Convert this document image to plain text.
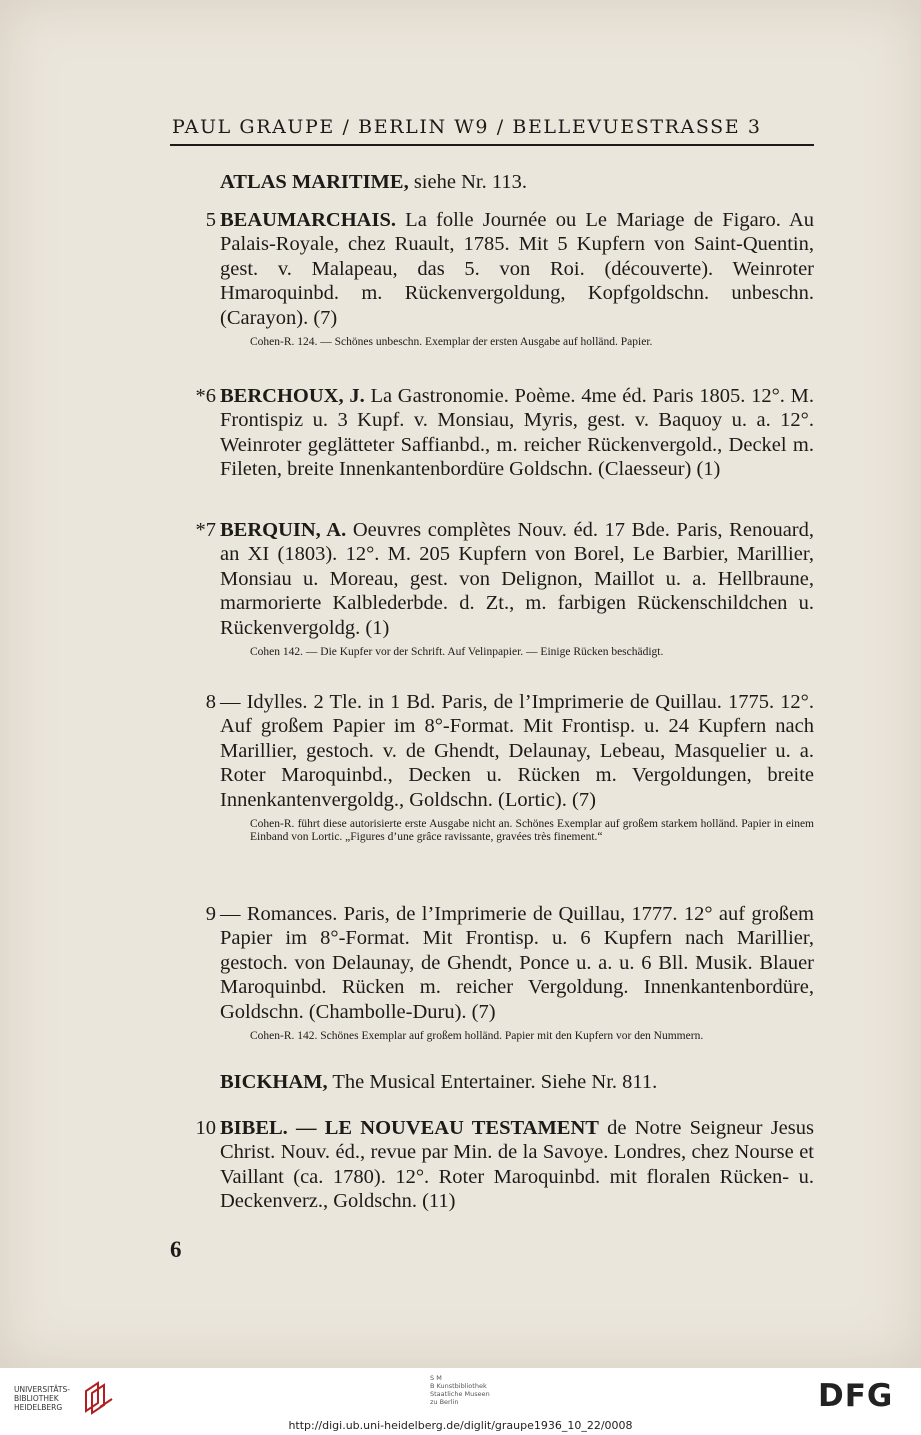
PAUL GRAUPE / BERLIN W9 / BELLEVUESTRASSE 3
ATLAS MARITIME, siehe Nr. 113.
5 BEAUMARCHAIS. La folle Journée ou Le Mariage de Figaro. Au Palais-Royale, chez Ruault, 1785. Mit 5 Kupfern von Saint-Quentin, gest. v. Malapeau, das 5. von Roi. (découverte). Weinroter Hmaroquinbd. m. Rückenvergoldung, Kopfgoldschn. unbeschn. (Carayon). (7)
Cohen-R. 124. — Schönes unbeschn. Exemplar der ersten Ausgabe auf holländ. Papier.
*6 BERCHOUX, J. La Gastronomie. Poème. 4me éd. Paris 1805. 12°. M. Frontispiz u. 3 Kupf. v. Monsiau, Myris, gest. v. Baquoy u. a. 12°. Weinroter geglätteter Saffianbd., m. reicher Rückenvergold., Deckel m. Fileten, breite Innenkantenbordüre Goldschn. (Claesseur) (1)
*7 BERQUIN, A. Oeuvres complètes Nouv. éd. 17 Bde. Paris, Renouard, an XI (1803). 12°. M. 205 Kupfern von Borel, Le Barbier, Marillier, Monsiau u. Moreau, gest. von Delignon, Maillot u. a. Hellbraune, marmorierte Kalblederbde. d. Zt., m. farbigen Rückenschildchen u. Rückenvergoldg. (1)
Cohen 142. — Die Kupfer vor der Schrift. Auf Velinpapier. — Einige Rücken beschädigt.
8 — Idylles. 2 Tle. in 1 Bd. Paris, de l’Imprimerie de Quillau. 1775. 12°. Auf großem Papier im 8°-Format. Mit Frontisp. u. 24 Kupfern nach Marillier, gestoch. v. de Ghendt, Delaunay, Lebeau, Masquelier u. a. Roter Maroquinbd., Decken u. Rücken m. Vergoldungen, breite Innenkantenvergoldg., Goldschn. (Lortic). (7)
Cohen-R. führt diese autorisierte erste Ausgabe nicht an. Schönes Exemplar auf großem starkem holländ. Papier in einem Einband von Lortic. „Figures d’une grâce ravissante, gravées très finement.“
9 — Romances. Paris, de l’Imprimerie de Quillau, 1777. 12° auf großem Papier im 8°-Format. Mit Frontisp. u. 6 Kupfern nach Marillier, gestoch. von Delaunay, de Ghendt, Ponce u. a. u. 6 Bll. Musik. Blauer Maroquinbd. Rücken m. reicher Vergoldung. Innenkantenbordüre, Goldschn. (Chambolle-Duru). (7)
Cohen-R. 142. Schönes Exemplar auf großem holländ. Papier mit den Kupfern vor den Nummern.
BICKHAM, The Musical Entertainer. Siehe Nr. 811.
10 BIBEL. — LE NOUVEAU TESTAMENT de Notre Seigneur Jesus Christ. Nouv. éd., revue par Min. de la Savoye. Londres, chez Nourse et Vaillant (ca. 1780). 12°. Roter Maroquinbd. mit floralen Rücken- u. Deckenverz., Goldschn. (11)
6
UNIVERSITÄTS-
BIBLIOTHEK
HEIDELBERG
S M
B Kunstbibliothek
Staatliche Museen
zu Berlin	DFG
http://digi.ub.uni-heidelberg.de/diglit/graupe1936_10_22/0008
